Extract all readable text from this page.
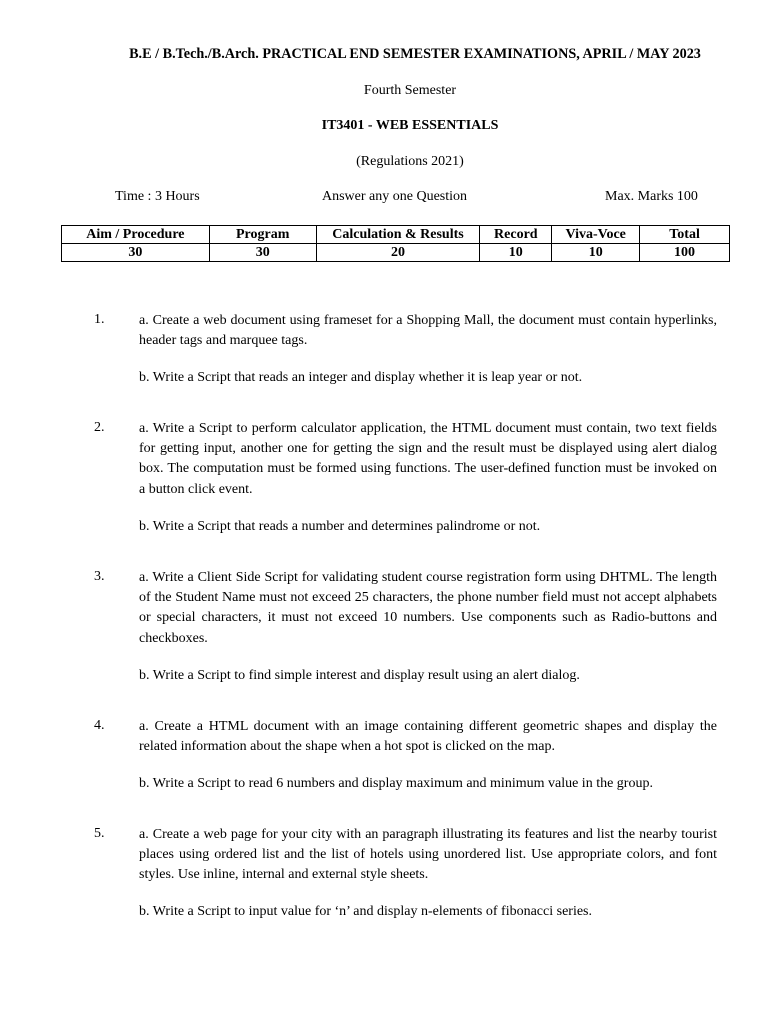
B.E / B.Tech./B.Arch. PRACTICAL END SEMESTER EXAMINATIONS, APRIL / MAY 2023
Fourth Semester
IT3401 - WEB ESSENTIALS
(Regulations 2021)
Time : 3 Hours	Answer any one Question	Max. Marks 100
Aim / Procedure	Program	Calculation & Results	Record	Viva-Voce	Total
30	30	20	10	10	100
1. a. Create a web document using frameset for a Shopping Mall, the document must contain hyperlinks, header tags and marquee tags.
b. Write a Script that reads an integer and display whether it is leap year or not.
2. a. Write a Script to perform calculator application, the HTML document must contain, two text fields for getting input, another one for getting the sign and the result must be displayed using alert dialog box. The computation must be formed using functions. The user-defined function must be invoked on a button click event.
b. Write a Script that reads a number and determines palindrome or not.
3. a. Write a Client Side Script for validating student course registration form using DHTML. The length of the Student Name must not exceed 25 characters, the phone number field must not accept alphabets or special characters, it must not exceed 10 numbers. Use components such as Radio-buttons and checkboxes.
b. Write a Script to find simple interest and display result using an alert dialog.
4. a. Create a HTML document with an image containing different geometric shapes and display the related information about the shape when a hot spot is clicked on the map.
b. Write a Script to read 6 numbers and display maximum and minimum value in the group.
5. a. Create a web page for your city with an paragraph illustrating its features and list the nearby tourist places using ordered list and the list of hotels using unordered list. Use appropriate colors, and font styles. Use inline, internal and external style sheets.
b. Write a Script to input value for ‘n’ and display n-elements of fibonacci series.
